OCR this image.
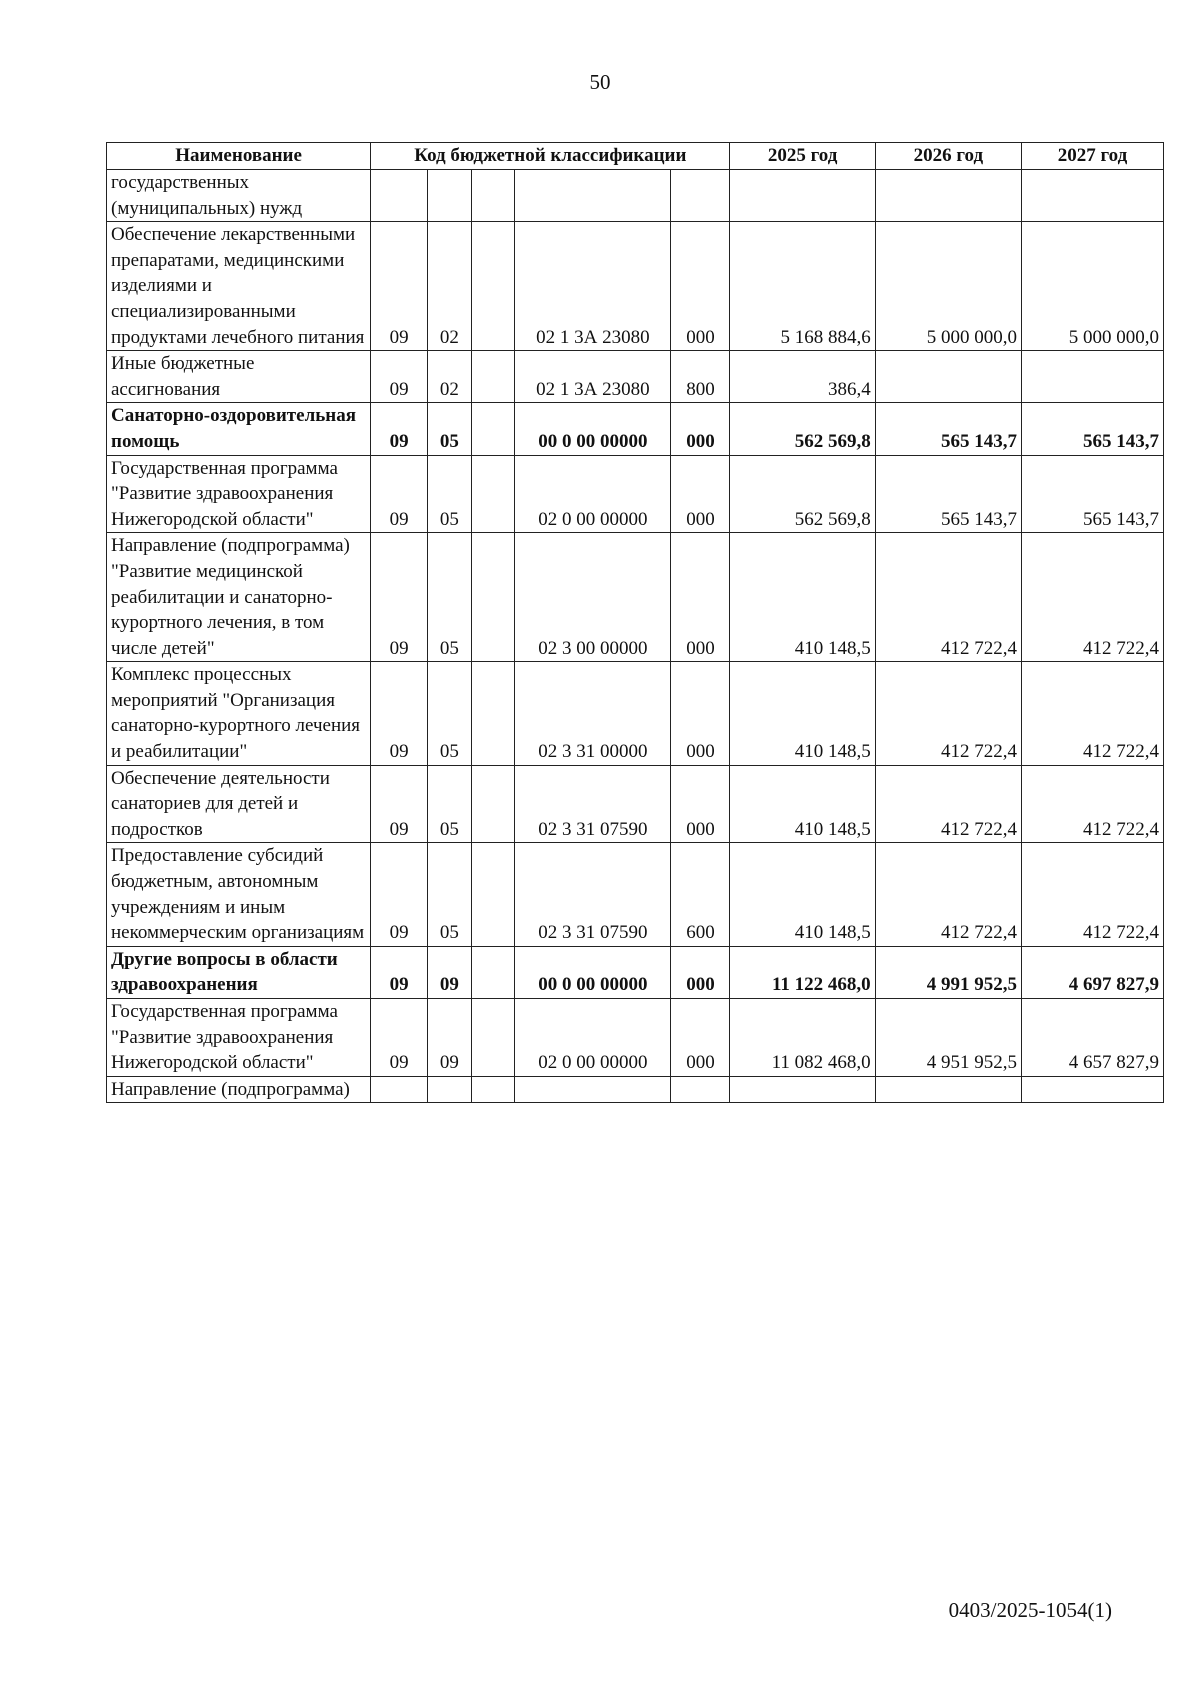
50
Наименование	Код бюджетной классификации					2025 год	2026 год	2027 год
государственных (муниципальных) нужд								
Обеспечение лекарственными препаратами, медицинскими изделиями и специализированными продуктами лечебного питания	09	02		02 1 3А 23080	000	5 168 884,6	5 000 000,0	5 000 000,0
Иные бюджетные ассигнования	09	02		02 1 3А 23080	800	386,4		
Санаторно-оздоровительная помощь	09	05		00 0 00 00000	000	562 569,8	565 143,7	565 143,7
Государственная программа "Развитие здравоохранения Нижегородской области"	09	05		02 0 00 00000	000	562 569,8	565 143,7	565 143,7
Направление (подпрограмма) "Развитие медицинской реабилитации и санаторно-курортного лечения, в том числе детей"	09	05		02 3 00 00000	000	410 148,5	412 722,4	412 722,4
Комплекс процессных мероприятий "Организация санаторно-курортного лечения и реабилитации"	09	05		02 3 31 00000	000	410 148,5	412 722,4	412 722,4
Обеспечение деятельности санаториев для детей и подростков	09	05		02 3 31 07590	000	410 148,5	412 722,4	412 722,4
Предоставление субсидий бюджетным, автономным учреждениям и иным некоммерческим организациям	09	05		02 3 31 07590	600	410 148,5	412 722,4	412 722,4
Другие вопросы в области здравоохранения	09	09		00 0 00 00000	000	11 122 468,0	4 991 952,5	4 697 827,9
Государственная программа "Развитие здравоохранения Нижегородской области"	09	09		02 0 00 00000	000	11 082 468,0	4 951 952,5	4 657 827,9
Направление (подпрограмма)								
0403/2025-1054(1)
